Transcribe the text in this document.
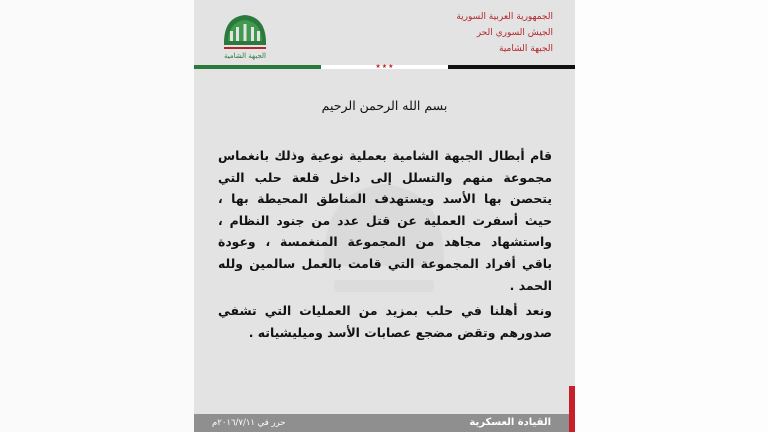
الجمهورية العربية السورية
الجيش السوري الحر
الجبهة الشامية
الجبهة الشامية
★★★
بسم الله الرحمن الرحيم
قام أبطال الجبهة الشامية بعملية نوعية وذلك بانغماس مجموعة منهم والتسلل إلى داخل قلعة حلب التي يتحصن بها الأسد ويستهدف المناطق المحيطة بها ، حيث أسفرت العملية عن قتل عدد من جنود النظام ، واستشهاد مجاهد من المجموعة المنغمسة ، وعودة باقي أفراد المجموعة التي قامت بالعمل سالمين ولله الحمد .
ونعد أهلنا في حلب بمزيد من العمليات التي تشفي صدورهم وتقض مضجع عصابات الأسد وميليشياته .
القيادة العسكرية
حرر في ٢٠١٦/٧/١١م
